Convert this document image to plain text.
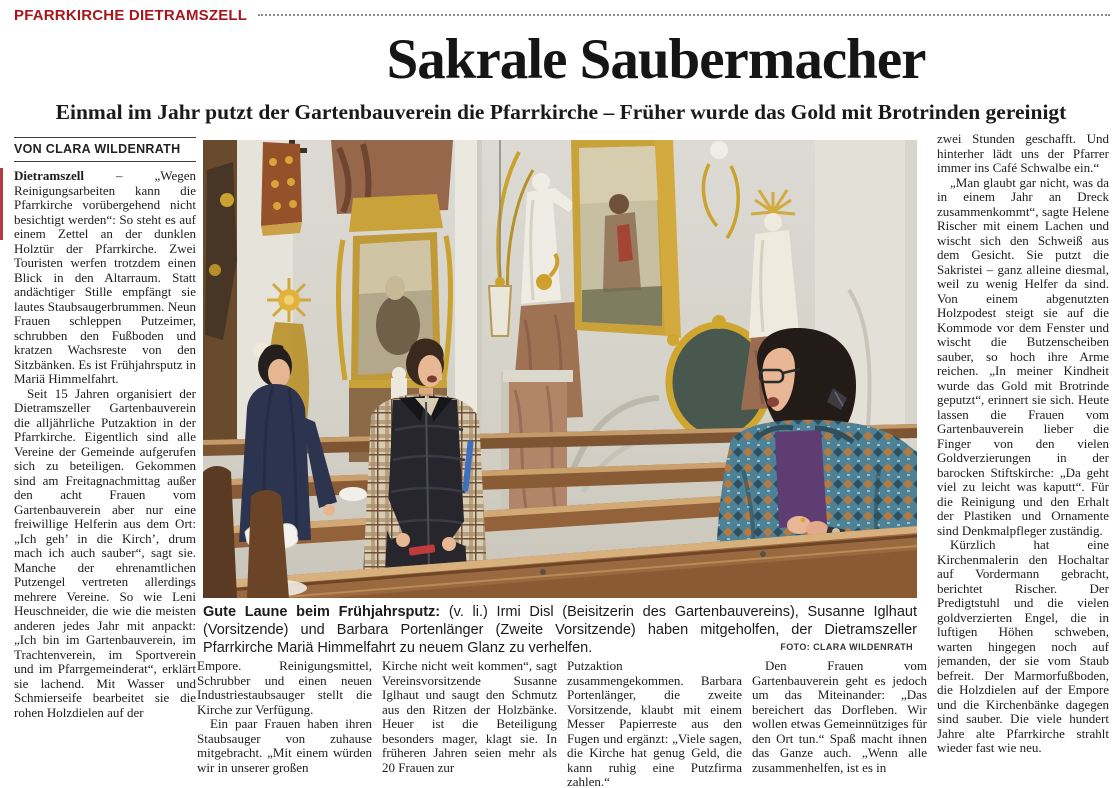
PFARRKIRCHE DIETRAMSZELL
Sakrale Saubermacher
Einmal im Jahr putzt der Gartenbauverein die Pfarrkirche – Früher wurde das Gold mit Brotrinden gereinigt
VON CLARA WILDENRATH

Dietramszell – „Wegen Reinigungsarbeiten kann die Pfarrkirche vorübergehend nicht besichtigt werden“: So steht es auf einem Zettel an der dunklen Holztür der Pfarrkirche. Zwei Touristen werfen trotzdem einen Blick in den Altarraum. Statt andächtiger Stille empfängt sie lautes Staubsaugerbrummen. Neun Frauen schleppen Putzeimer, schrubben den Fußboden und kratzen Wachsreste von den Sitzbänken. Es ist Frühjahrsputz in Mariä Himmelfahrt.

Seit 15 Jahren organisiert der Dietramszeller Gartenbauverein die alljährliche Putzaktion in der Pfarrkirche. Eigentlich sind alle Vereine der Gemeinde aufgerufen sich zu beteiligen. Gekommen sind am Freitagnachmittag außer den acht Frauen vom Gartenbauverein aber nur eine freiwillige Helferin aus dem Ort: „Ich geh’ in die Kirch’, drum mach ich auch sauber“, sagt sie. Manche der ehrenamtlichen Putzengel vertreten allerdings mehrere Vereine. So wie Leni Heuschneider, die wie die meisten anderen jedes Jahr mit anpackt: „Ich bin im Gartenbauverein, im Trachtenverein, im Sportverein und im Pfarrgemeinderat“, erklärt sie lachend. Mit Wasser und Schmierseife bearbeitet sie die rohen Holzdielen auf der

Gute Laune beim Frühjahrsputz: (v. li.) Irmi Disl (Beisitzerin des Gartenbauvereins), Susanne Iglhaut (Vorsitzende) und Barbara Portenlänger (Zweite Vorsitzende) haben mitgeholfen, der Dietramszeller Pfarrkirche Mariä Himmelfahrt zu neuem Glanz zu verhelfen.	FOTO: CLARA WILDENRATH

Empore. Reinigungsmittel, Schrubber und einen neuen Industriestaubsauger stellt die Kirche zur Verfügung.

Ein paar Frauen haben ihren Staubsauger von zuhause mitgebracht. „Mit einem würden wir in unserer großen

Kirche nicht weit kommen“, sagt Vereinsvorsitzende Susanne Iglhaut und saugt den Schmutz aus den Ritzen der Holzbänke. Heuer ist die Beteiligung besonders mager, klagt sie. In früheren Jahren seien mehr als 20 Frauen zur

Putzaktion zusammengekommen. Barbara Portenlänger, die zweite Vorsitzende, klaubt mit einem Messer Papierreste aus den Fugen und ergänzt: „Viele sagen, die Kirche hat genug Geld, die kann ruhig eine Putzfirma zahlen.“

Den Frauen vom Gartenbauverein geht es jedoch um das Miteinander: „Das bereichert das Dorfleben. Wir wollen etwas Gemeinnütziges für den Ort tun.“ Spaß macht ihnen das Ganze auch. „Wenn alle zusammenhelfen, ist es in

zwei Stunden geschafft. Und hinterher lädt uns der Pfarrer immer ins Café Schwalbe ein.“

„Man glaubt gar nicht, was da in einem Jahr an Dreck zusammenkommt“, sagte Helene Rischer mit einem Lachen und wischt sich den Schweiß aus dem Gesicht. Sie putzt die Sakristei – ganz alleine diesmal, weil zu wenig Helfer da sind. Von einem abgenutzten Holzpodest steigt sie auf die Kommode vor dem Fenster und wischt die Butzenscheiben sauber, so hoch ihre Arme reichen. „In meiner Kindheit wurde das Gold mit Brotrinde geputzt“, erinnert sie sich. Heute lassen die Frauen vom Gartenbauverein lieber die Finger von den vielen Goldverzierungen in der barocken Stiftskirche: „Da geht viel zu leicht was kaputt“. Für die Reinigung und den Erhalt der Plastiken und Ornamente sind Denkmalpfleger zuständig.

Kürzlich hat eine Kirchenmalerin den Hochaltar auf Vordermann gebracht, berichtet Rischer. Der Predigtstuhl und die vielen goldverzierten Engel, die in luftigen Höhen schweben, warten hingegen noch auf jemanden, der sie vom Staub befreit. Der Marmorfußboden, die Holzdielen auf der Empore und die Kirchenbänke dagegen sind sauber. Die viele hundert Jahre alte Pfarrkirche strahlt wieder fast wie neu.
